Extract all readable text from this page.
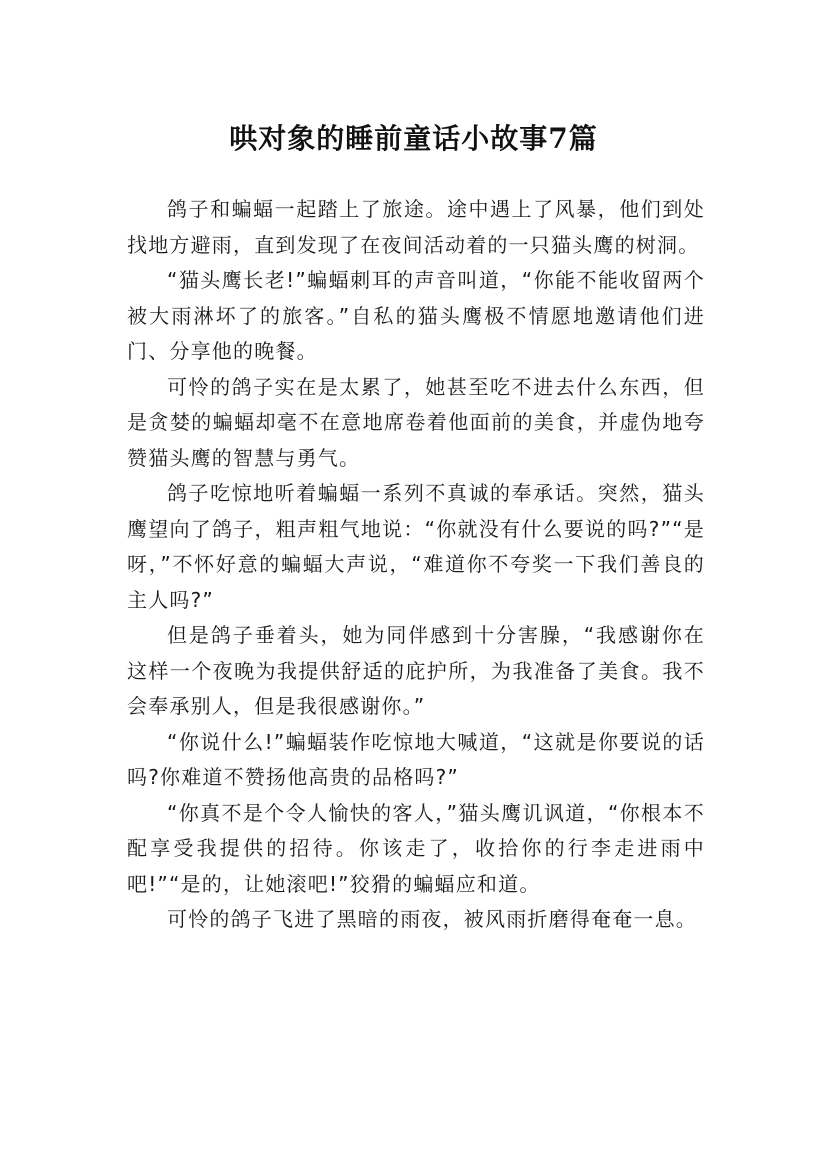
哄对象的睡前童话小故事7篇

鸽子和蝙蝠一起踏上了旅途。途中遇上了风暴，他们到处找地方避雨，直到发现了在夜间活动着的一只猫头鹰的树洞。

“猫头鹰长老!”蝙蝠刺耳的声音叫道，“你能不能收留两个被大雨淋坏了的旅客。”自私的猫头鹰极不情愿地邀请他们进门、分享他的晚餐。

可怜的鸽子实在是太累了，她甚至吃不进去什么东西，但是贪婪的蝙蝠却毫不在意地席卷着他面前的美食，并虚伪地夸赞猫头鹰的智慧与勇气。

鸽子吃惊地听着蝙蝠一系列不真诚的奉承话。突然，猫头鹰望向了鸽子，粗声粗气地说：“你就没有什么要说的吗?”“是呀，”不怀好意的蝙蝠大声说，“难道你不夸奖一下我们善良的主人吗?”

但是鸽子垂着头，她为同伴感到十分害臊，“我感谢你在这样一个夜晚为我提供舒适的庇护所，为我准备了美食。我不会奉承别人，但是我很感谢你。”

“你说什么!”蝙蝠装作吃惊地大喊道，“这就是你要说的话吗?你难道不赞扬他高贵的品格吗?”

“你真不是个令人愉快的客人，”猫头鹰讥讽道，“你根本不配享受我提供的招待。你该走了，收拾你的行李走进雨中吧!”“是的，让她滚吧!”狡猾的蝙蝠应和道。

可怜的鸽子飞进了黑暗的雨夜，被风雨折磨得奄奄一息。
